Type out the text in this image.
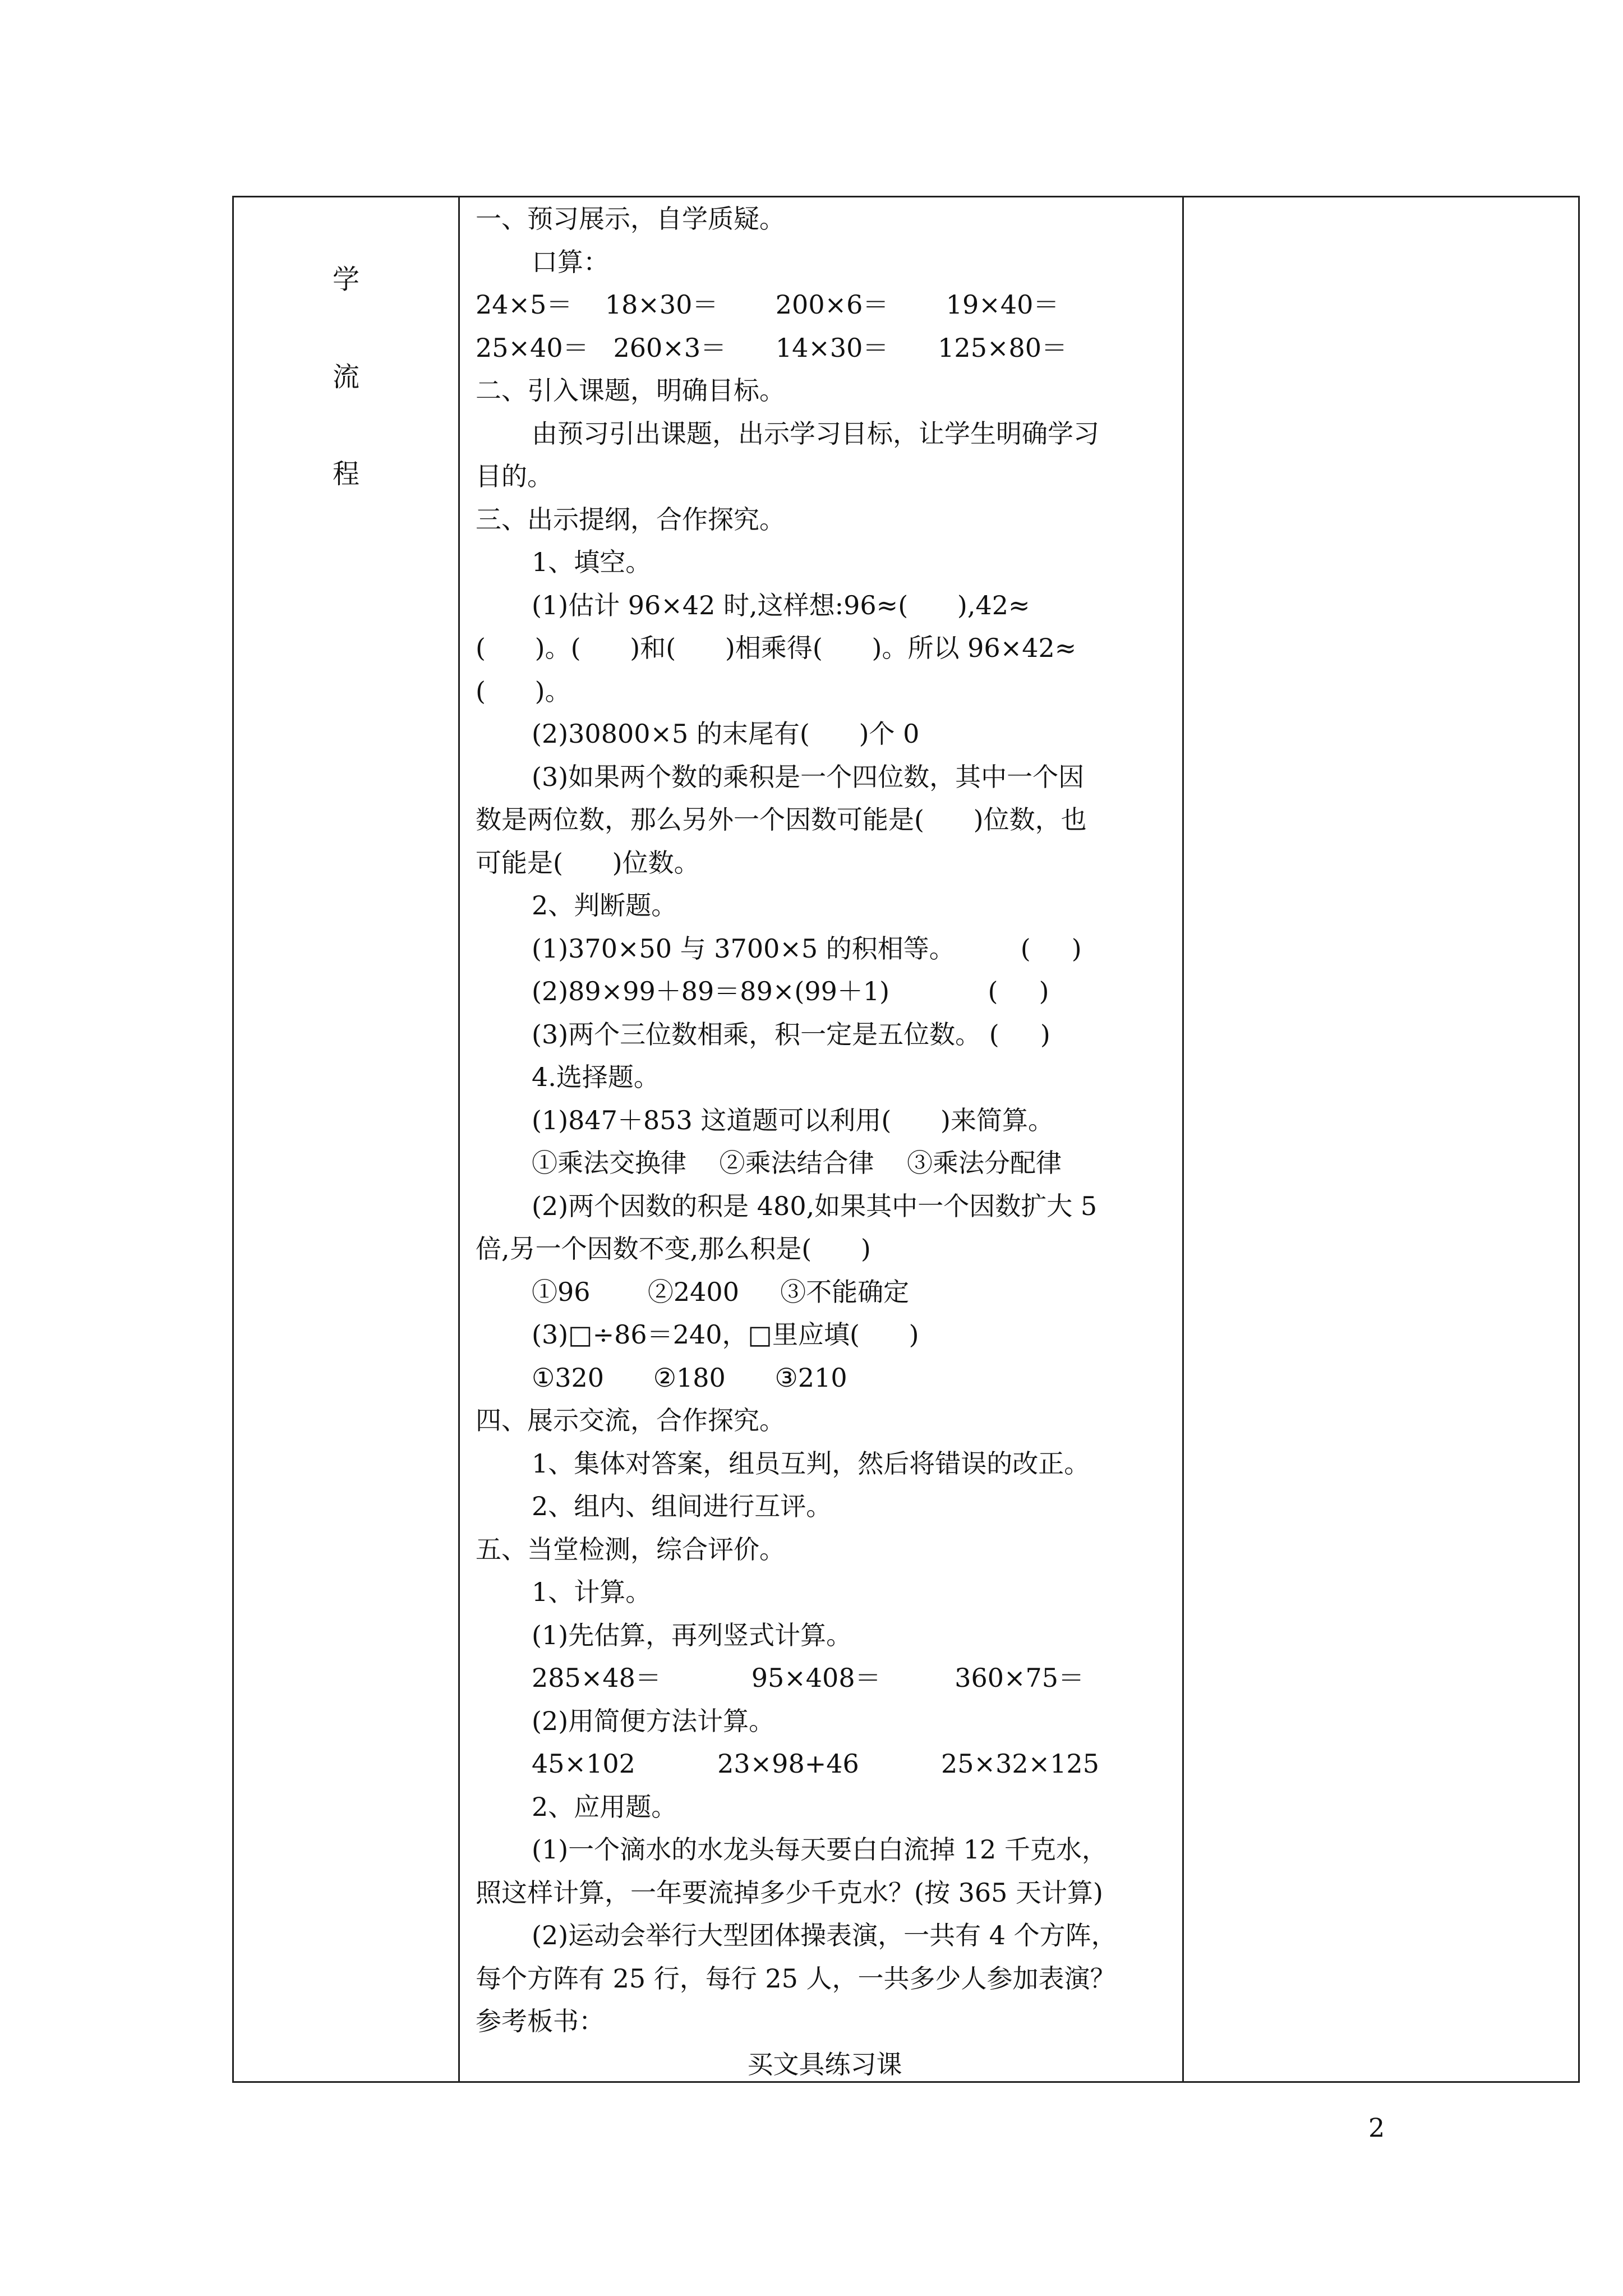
学
流
程
一、预习展示，自学质疑。
口算：
24×5＝    18×30＝       200×6＝       19×40＝
25×40＝   260×3＝      14×30＝      125×80＝
二、引入课题，明确目标。
由预习引出课题，出示学习目标，让学生明确学习
目的。
三、出示提纲，合作探究。
1、填空。
(1)估计 96×42 时,这样想:96≈(      ),42≈
(      )。(      )和(      )相乘得(      )。所以 96×42≈
(      )。
(2)30800×5 的末尾有(      )个 0
(3)如果两个数的乘积是一个四位数，其中一个因
数是两位数，那么另外一个因数可能是(      )位数，也
可能是(      )位数。
2、判断题。
(1)370×50 与 3700×5 的积相等。        (     )
(2)89×99＋89＝89×(99＋1)            (     )
(3)两个三位数相乘，积一定是五位数。 (     )
4.选择题。
(1)847＋853 这道题可以利用(      )来简算。
①乘法交换律    ②乘法结合律    ③乘法分配律
(2)两个因数的积是 480,如果其中一个因数扩大 5
倍,另一个因数不变,那么积是(      )
①96       ②2400     ③不能确定
(3)□÷86＝240，□里应填(      )
①320      ②180      ③210
四、展示交流，合作探究。
1、集体对答案，组员互判，然后将错误的改正。
2、组内、组间进行互评。
五、当堂检测，综合评价。
1、计算。
(1)先估算，再列竖式计算。
285×48＝           95×408＝         360×75＝
(2)用简便方法计算。
45×102          23×98+46          25×32×125
2、应用题。
(1)一个滴水的水龙头每天要白白流掉 12 千克水，
照这样计算，一年要流掉多少千克水？(按 365 天计算)
(2)运动会举行大型团体操表演，一共有 4 个方阵，
每个方阵有 25 行，每行 25 人，一共多少人参加表演？
参考板书：
买文具练习课
2
